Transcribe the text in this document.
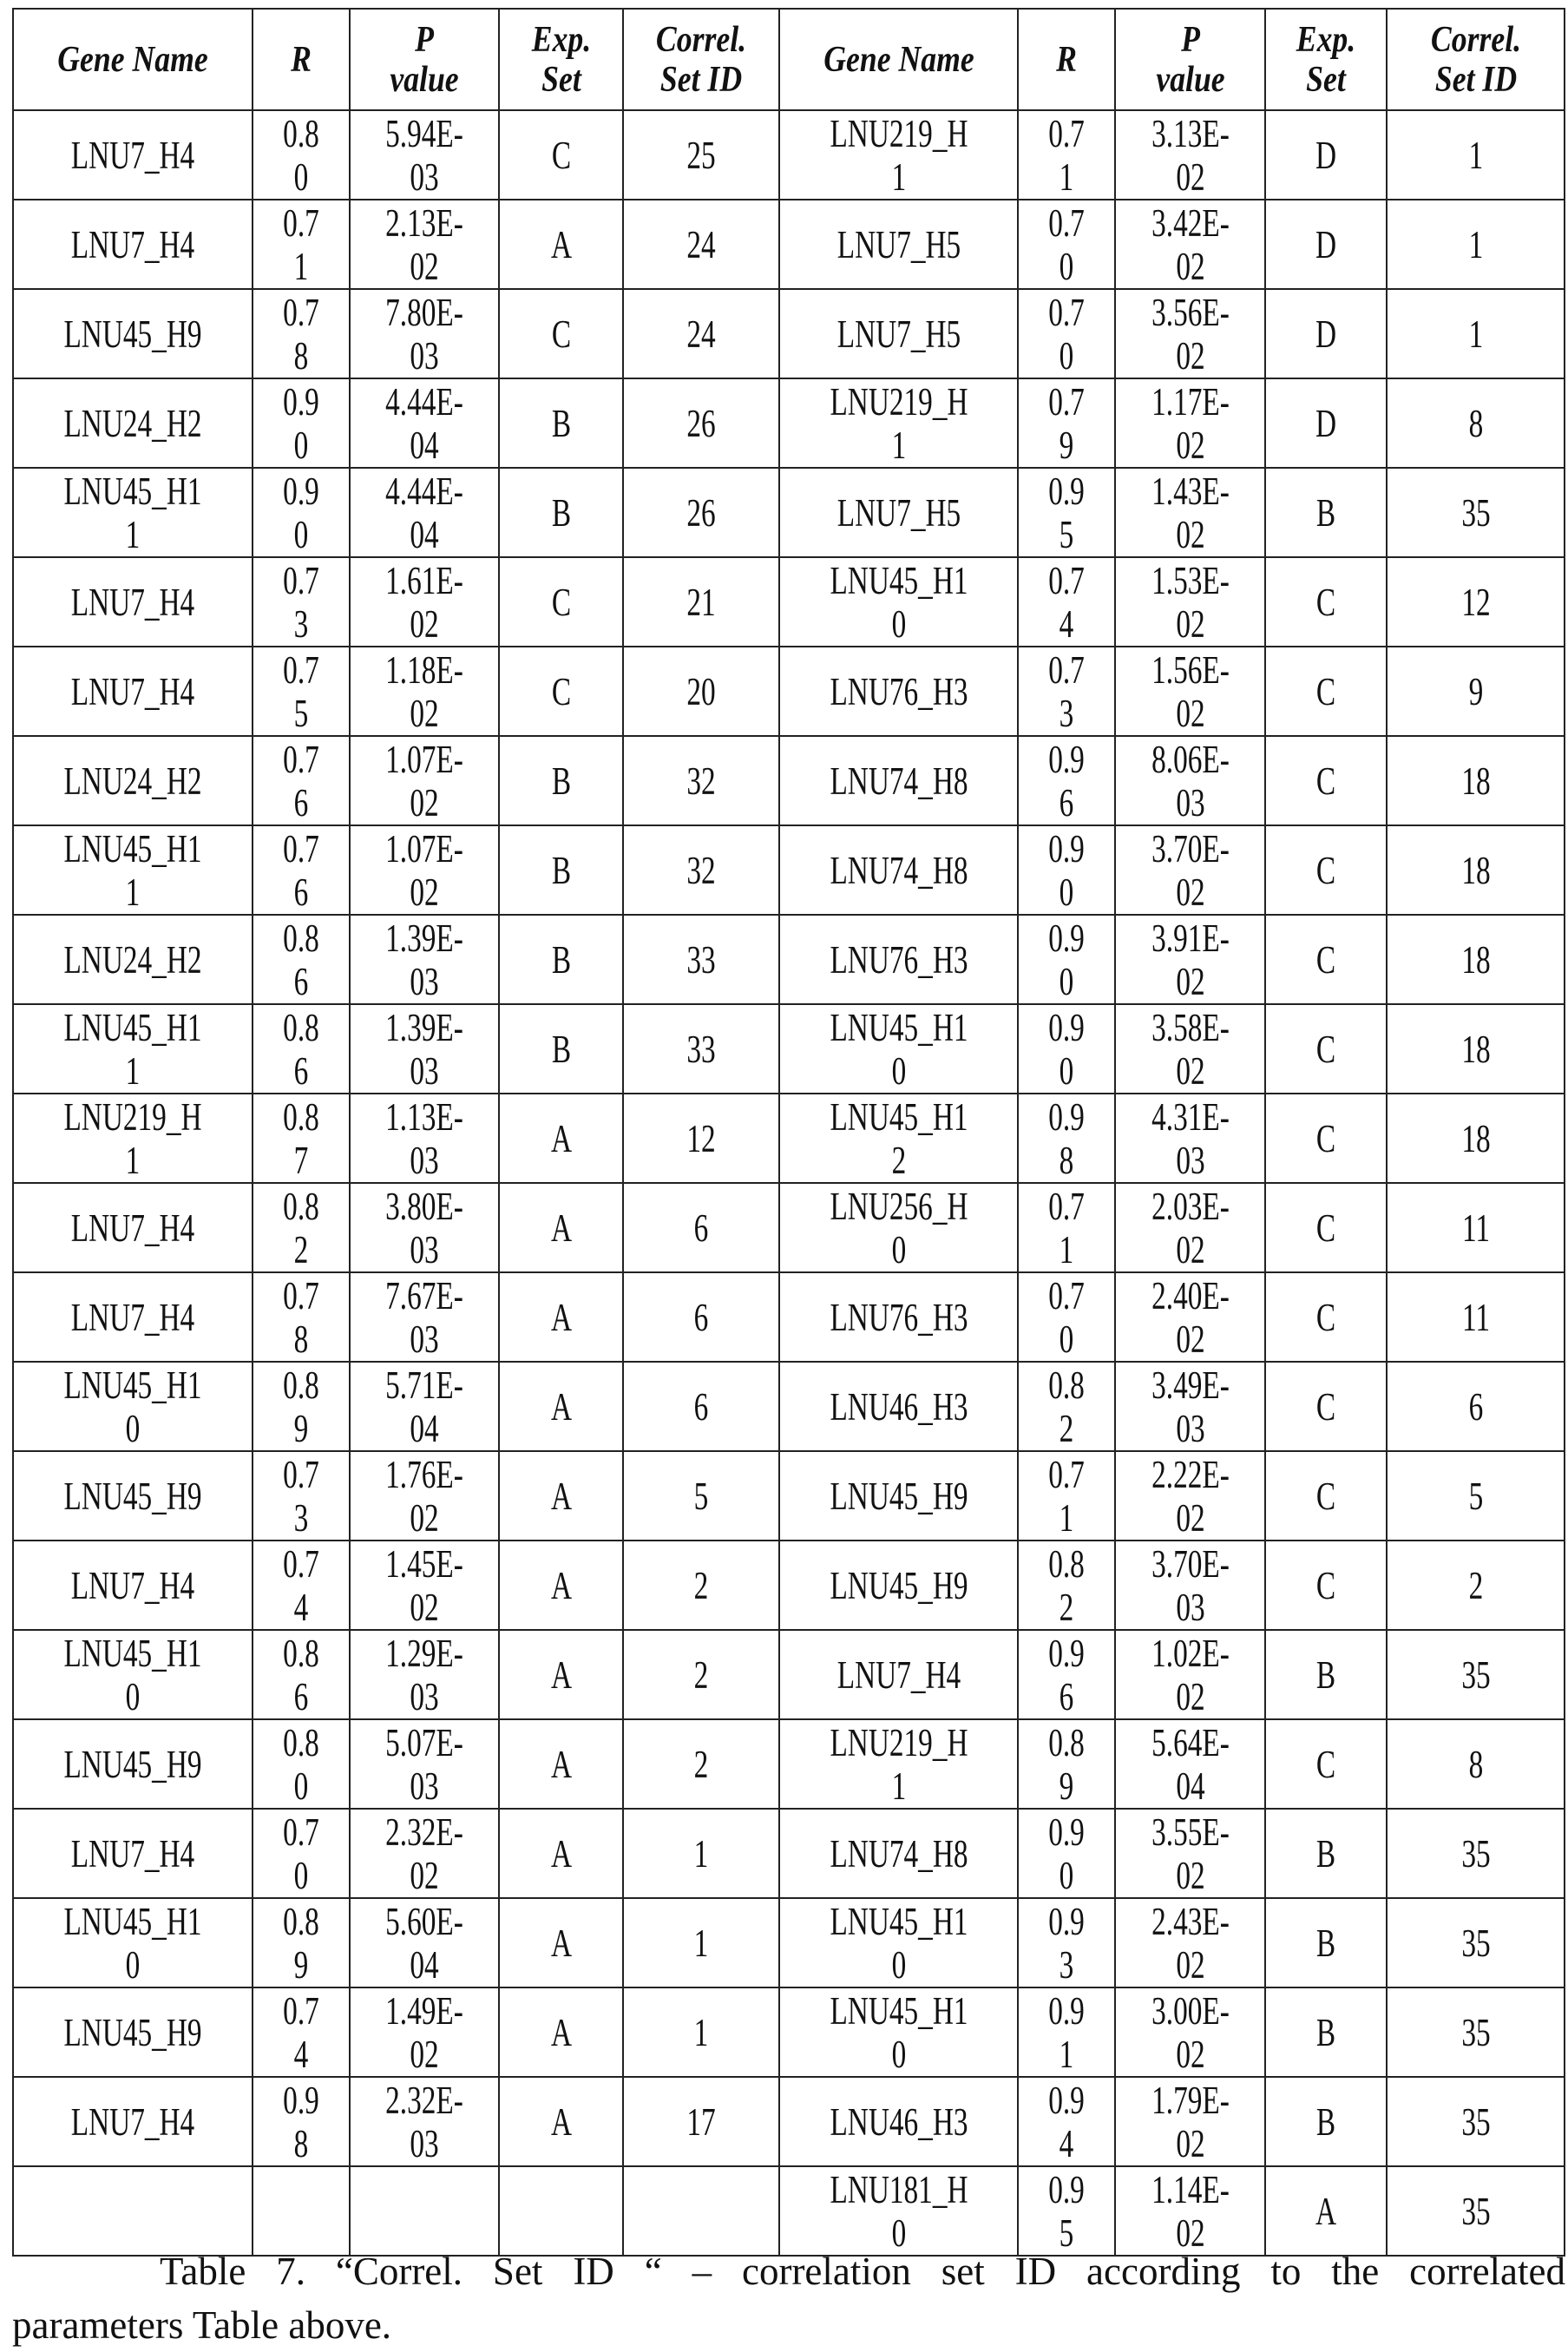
Gene Name	R	P value	Exp. Set	Correl. Set ID	Gene Name	R	P value	Exp. Set	Correl. Set ID
LNU7_H4	0.80	5.94E-03	C	25	LNU219_H1	0.71	3.13E-02	D	1
LNU7_H4	0.71	2.13E-02	A	24	LNU7_H5	0.70	3.42E-02	D	1
LNU45_H9	0.78	7.80E-03	C	24	LNU7_H5	0.70	3.56E-02	D	1
LNU24_H2	0.90	4.44E-04	B	26	LNU219_H1	0.79	1.17E-02	D	8
LNU45_H11	0.90	4.44E-04	B	26	LNU7_H5	0.95	1.43E-02	B	35
LNU7_H4	0.73	1.61E-02	C	21	LNU45_H10	0.74	1.53E-02	C	12
LNU7_H4	0.75	1.18E-02	C	20	LNU76_H3	0.73	1.56E-02	C	9
LNU24_H2	0.76	1.07E-02	B	32	LNU74_H8	0.96	8.06E-03	C	18
LNU45_H11	0.76	1.07E-02	B	32	LNU74_H8	0.90	3.70E-02	C	18
LNU24_H2	0.86	1.39E-03	B	33	LNU76_H3	0.90	3.91E-02	C	18
LNU45_H11	0.86	1.39E-03	B	33	LNU45_H10	0.90	3.58E-02	C	18
LNU219_H1	0.87	1.13E-03	A	12	LNU45_H12	0.98	4.31E-03	C	18
LNU7_H4	0.82	3.80E-03	A	6	LNU256_H0	0.71	2.03E-02	C	11
LNU7_H4	0.78	7.67E-03	A	6	LNU76_H3	0.70	2.40E-02	C	11
LNU45_H10	0.89	5.71E-04	A	6	LNU46_H3	0.82	3.49E-03	C	6
LNU45_H9	0.73	1.76E-02	A	5	LNU45_H9	0.71	2.22E-02	C	5
LNU7_H4	0.74	1.45E-02	A	2	LNU45_H9	0.82	3.70E-03	C	2
LNU45_H10	0.86	1.29E-03	A	2	LNU7_H4	0.96	1.02E-02	B	35
LNU45_H9	0.80	5.07E-03	A	2	LNU219_H1	0.89	5.64E-04	C	8
LNU7_H4	0.70	2.32E-02	A	1	LNU74_H8	0.90	3.55E-02	B	35
LNU45_H10	0.89	5.60E-04	A	1	LNU45_H10	0.93	2.43E-02	B	35
LNU45_H9	0.74	1.49E-02	A	1	LNU45_H10	0.91	3.00E-02	B	35
LNU7_H4	0.98	2.32E-03	A	17	LNU46_H3	0.94	1.79E-02	B	35
					LNU181_H0	0.95	1.14E-02	A	35
Table 7. “Correl. Set ID “ – correlation set ID according to the correlated
parameters Table above.
